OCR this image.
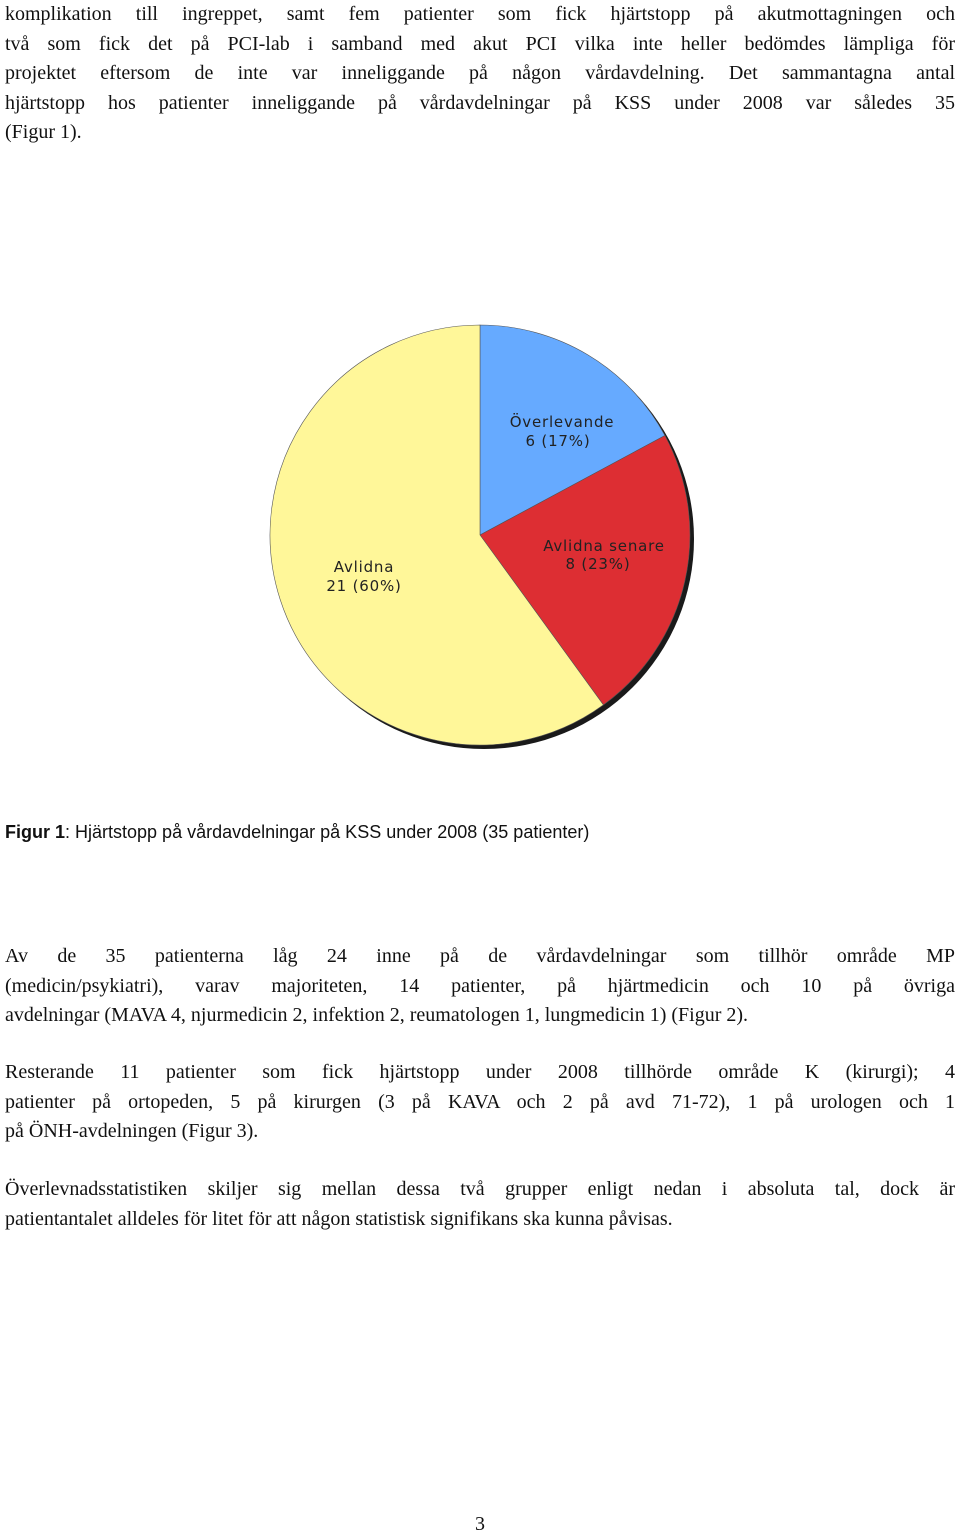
komplikation till ingreppet, samt fem patienter som fick hjärtstopp på akutmottagningen och
två som fick det på PCI-lab i samband med akut PCI vilka inte heller bedömdes lämpliga för
projektet eftersom de inte var inneliggande på någon vårdavdelning. Det sammantagna antal
hjärtstopp hos patienter inneliggande på vårdavdelningar på KSS under 2008 var således 35
(Figur 1).
Överlevande
6 (17%)
Avlidna senare
8 (23%)
Avlidna
21 (60%)
Figur 1: Hjärtstopp på vårdavdelningar på KSS under 2008 (35 patienter)
Av de 35 patienterna låg 24 inne på de vårdavdelningar som tillhör område MP
(medicin/psykiatri), varav majoriteten, 14 patienter, på hjärtmedicin och 10 på övriga
avdelningar (MAVA 4, njurmedicin 2, infektion 2, reumatologen 1, lungmedicin 1) (Figur 2).
Resterande 11 patienter som fick hjärtstopp under 2008 tillhörde område K (kirurgi); 4
patienter på ortopeden, 5 på kirurgen (3 på KAVA och 2 på avd 71-72), 1 på urologen och 1
på ÖNH-avdelningen (Figur 3).
Överlevnadsstatistiken skiljer sig mellan dessa två grupper enligt nedan i absoluta tal, dock är
patientantalet alldeles för litet för att någon statistisk signifikans ska kunna påvisas.
3
